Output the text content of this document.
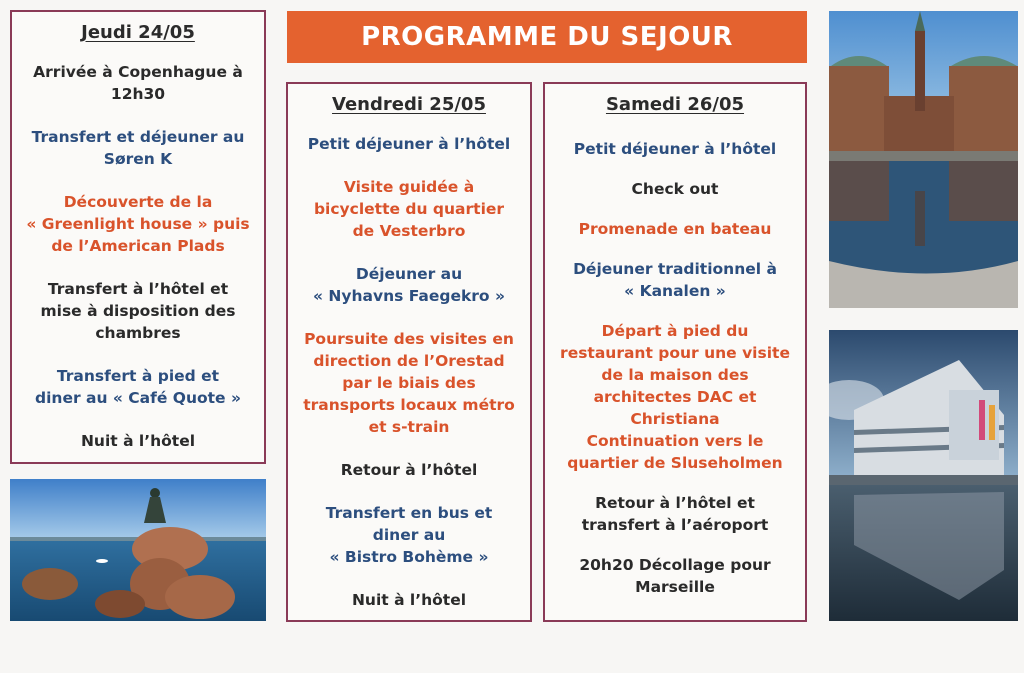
Jeudi 24/05

Arrivée à Copenhague à
12h30

Transfert et déjeuner au
Søren K

Découverte de la
« Greenlight house » puis
de l’American Plads

Transfert à l’hôtel et
mise à disposition des
chambres

Transfert à pied et
diner au « Café Quote »

Nuit à l’hôtel

PROGRAMME DU SEJOUR
Vendredi 25/05

Petit déjeuner à l’hôtel

Visite guidée à
bicyclette du quartier
de Vesterbro

Déjeuner au
« Nyhavns Faegekro »

Poursuite des visites en
direction de l’Orestad
par le biais des
transports locaux métro
et s-train

Retour à l’hôtel

Transfert en bus et
diner au
« Bistro Bohème »

Nuit à l’hôtel

Samedi 26/05

Petit déjeuner à l’hôtel

Check out

Promenade en bateau

Déjeuner traditionnel à
« Kanalen »

Départ à pied du
restaurant pour une visite
de la maison des
architectes DAC et
Christiana
Continuation vers le
quartier de Sluseholmen

Retour à l’hôtel et
transfert à l’aéroport

20h20 Décollage pour
Marseille
